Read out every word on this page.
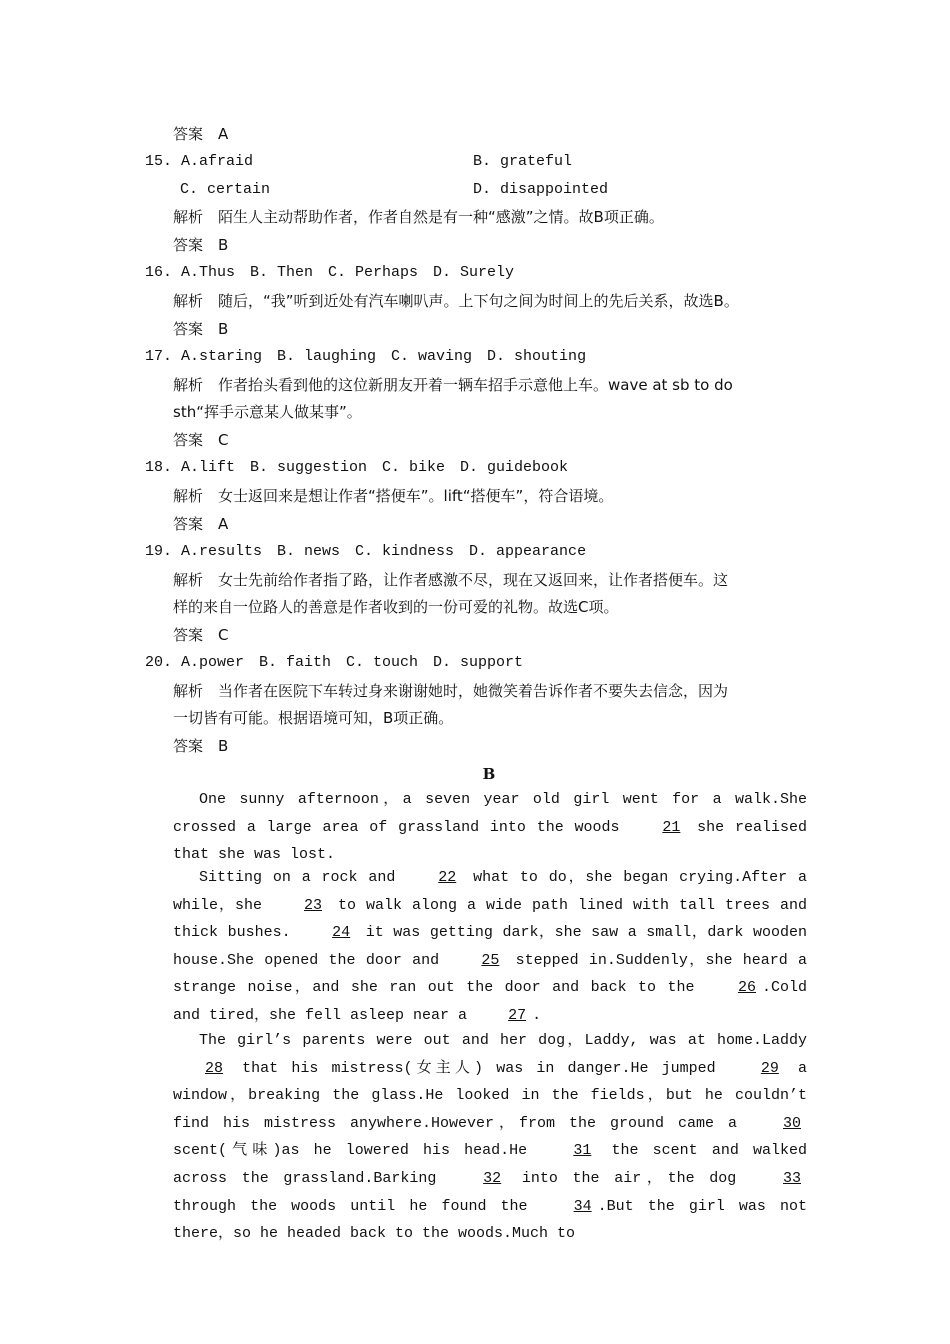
答案　A
15. A.afraid	B. grateful
C. certain	D. disappointed
解析　陌生人主动帮助作者，作者自然是有一种“感激”之情。故B项正确。
答案　B
16. A.Thus　B. Then　C. Perhaps　D. Surely
解析　随后，“我”听到近处有汽车喇叭声。上下句之间为时间上的先后关系，故选B。
答案　B
17. A.staring　B. laughing　C. waving　D. shouting
解析　作者抬头看到他的这位新朋友开着一辆车招手示意他上车。wave at sb to do
sth“挥手示意某人做某事”。
答案　C
18. A.lift　B. suggestion　C. bike　D. guidebook
解析　女士返回来是想让作者“搭便车”。lift“搭便车”，符合语境。
答案　A
19. A.results　B. news　C. kindness　D. appearance
解析　女士先前给作者指了路，让作者感激不尽，现在又返回来，让作者搭便车。这
样的来自一位路人的善意是作者收到的一份可爱的礼物。故选C项。
答案　C
20. A.power　B. faith　C. touch　D. support
解析　当作者在医院下车转过身来谢谢她时，她微笑着告诉作者不要失去信念，因为
一切皆有可能。根据语境可知，B项正确。
答案　B
B
One sunny afternoon，a seven year old girl went for a walk.She crossed a large area of grassland into the woods 21 she realised that she was lost.
Sitting on a rock and 22 what to do，she began crying.After a while，she 23 to walk along a wide path lined with tall trees and thick bushes. 24 it was getting dark，she saw a small，dark wooden house.She opened the door and 25 stepped in.Suddenly，she heard a strange noise，and she ran out the door and back to the 26 .Cold and tired，she fell asleep near a 27 .
The girl’s parents were out and her dog，Laddy, was at home.Laddy 28 that his mistress(女主人) was in danger.He jumped 29 a window，breaking the glass.He looked in the fields，but he couldn’t find his mistress anywhere.However，from the ground came a 30 scent(气味)as he lowered his head.He 31 the scent and walked across the grassland.Barking 32 into the air，the dog 33 through the woods until he found the 34 .But the girl was not there，so he headed back to the woods.Much to
